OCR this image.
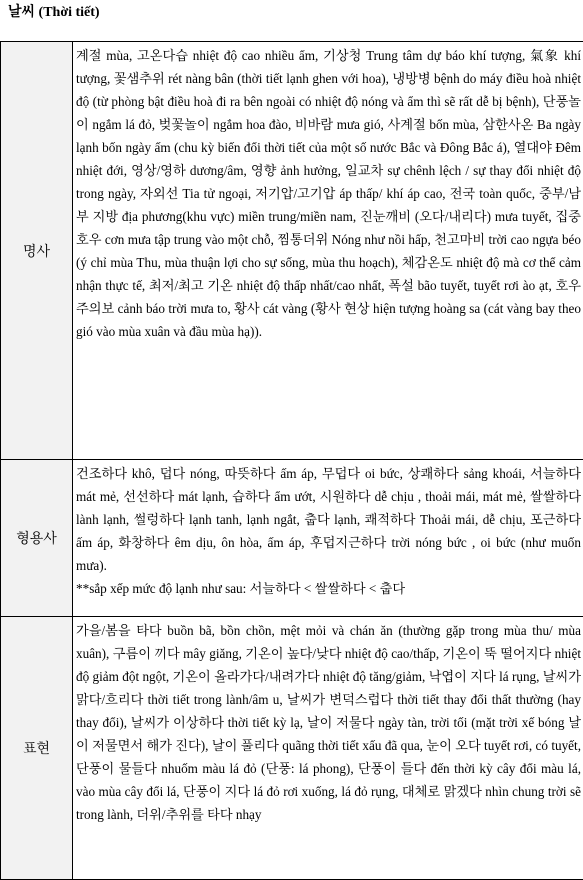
날씨 (Thời tiết)
명사	계절 mùa, 고온다습 nhiệt độ cao nhiều ẩm, 기상청 Trung tâm dự báo khí tượng, 氣象 khí tượng, 꽃샘추위 rét nàng bân (thời tiết lạnh ghen với hoa), 냉방병 bệnh do máy điều hoà nhiệt độ (từ phòng bật điều hoà đi ra bên ngoài có nhiệt độ nóng và ẩm thì sẽ rất dễ bị bệnh), 단풍놀이 ngắm lá đỏ, 벚꽃놀이 ngắm hoa đào, 비바람 mưa gió, 사계절 bốn mùa, 삼한사온 Ba ngày lạnh bốn ngày ấm (chu kỳ biến đổi thời tiết của một số nước Bắc và Đông Bắc á), 열대야 Đêm nhiệt đới, 영상/영하 dương/âm, 영향 ảnh hưởng, 일교차 sự chênh lệch / sự thay đổi nhiệt độ trong ngày, 자외선 Tia tử ngoại, 저기압/고기압 áp thấp/ khí áp cao, 전국 toàn quốc, 중부/남부 지방 địa phương(khu vực) miền trung/miền nam, 진눈깨비 (오다/내리다) mưa tuyết, 집중호우 cơn mưa tập trung vào một chỗ, 찜통더위 Nóng như nồi hấp, 천고마비 trời cao ngựa béo (ý chỉ mùa Thu, mùa thuận lợi cho sự sống, mùa thu hoạch), 체감온도 nhiệt độ mà cơ thể cảm nhận thực tế, 최저/최고 기온 nhiệt độ thấp nhất/cao nhất, 폭설 bão tuyết, tuyết rơi ào ạt, 호우주의보 cảnh báo trời mưa to, 황사 cát vàng (황사 현상 hiện tượng hoàng sa (cát vàng bay theo gió vào mùa xuân và đầu mùa hạ)).

형용사	건조하다 khô, 덥다 nóng, 따뜻하다 ấm áp, 무덥다 oi bức, 상쾌하다 sảng khoái, 서늘하다 mát mẻ, 선선하다 mát lạnh, 습하다 ẩm ướt, 시원하다 dễ chịu , thoải mái, mát mẻ, 쌀쌀하다 lành lạnh, 썰렁하다 lạnh tanh, lạnh ngắt, 춥다 lạnh, 쾌적하다 Thoải mái, dễ chịu, 포근하다 ấm áp, 화창하다 êm dịu, ôn hòa, ấm áp, 후덥지근하다 trời nóng bức , oi bức (như muốn mưa).
**sắp xếp mức độ lạnh như sau: 서늘하다 < 쌀쌀하다 < 춥다

표현	가을/봄을 타다 buồn bã, bồn chồn, mệt mỏi và chán ăn (thường gặp trong mùa thu/ mùa xuân), 구름이 끼다 mây giăng, 기온이 높다/낮다 nhiệt độ cao/thấp, 기온이 뚝 떨어지다 nhiệt độ giảm đột ngột, 기온이 올라가다/내려가다 nhiệt độ tăng/giảm, 낙엽이 지다 lá rụng, 날씨가 맑다/흐리다 thời tiết trong lành/âm u, 날씨가 변덕스럽다 thời tiết thay đổi thất thường (hay thay đổi), 날씨가 이상하다 thời tiết kỳ lạ, 날이 저물다 ngày tàn, trời tối (mặt trời xế bóng 날이 저물면서 해가 진다), 날이 풀리다 quãng thời tiết xấu đã qua, 눈이 오다 tuyết rơi, có tuyết, 단풍이 물들다 nhuốm màu lá đỏ (단풍: lá phong), 단풍이 들다 đến thời kỳ cây đổi màu lá, vào mùa cây đổi lá, 단풍이 지다 lá đỏ rơi xuống, lá đỏ rụng, 대체로 맑겠다 nhìn chung trời sẽ trong lành, 더위/추위를 타다 nhạy
